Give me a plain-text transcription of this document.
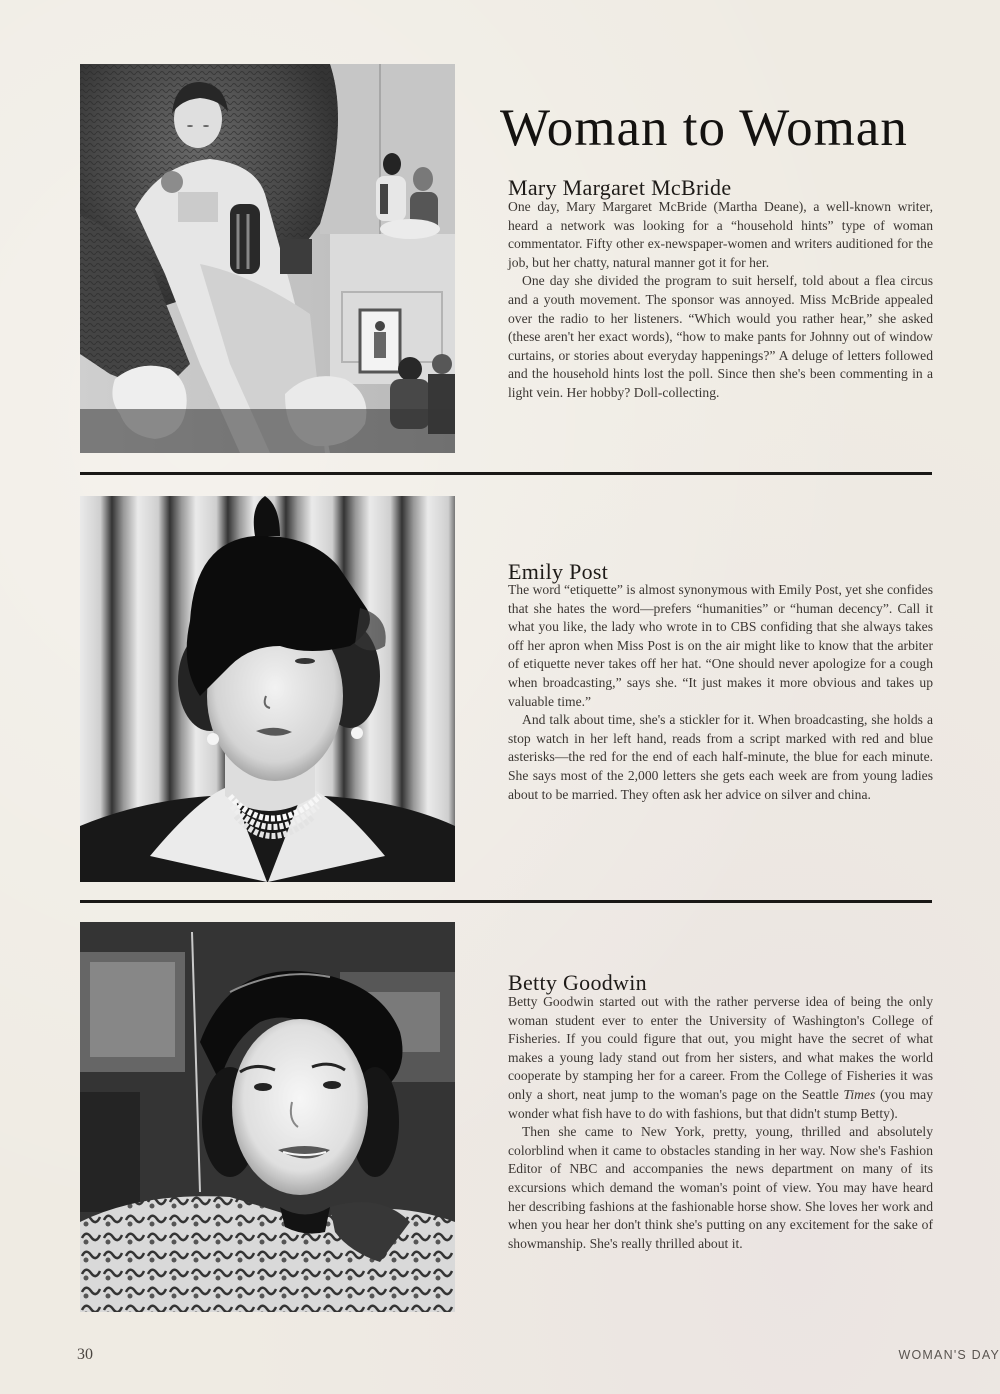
Woman to Woman
Mary Margaret McBride

One day, Mary Margaret McBride (Martha Deane), a well-known writer, heard a network was looking for a “household hints” type of woman commentator. Fifty other ex-newspaper-women and writers auditioned for the job, but her chatty, natural manner got it for her.

One day she divided the program to suit herself, told about a flea circus and a youth movement. The sponsor was annoyed. Miss McBride appealed over the radio to her listeners. “Which would you rather hear,” she asked (these aren't her exact words), “how to make pants for Johnny out of window curtains, or stories about everyday happenings?” A deluge of letters followed and the household hints lost the poll. Since then she's been commenting in a light vein. Her hobby? Doll-collecting.

Emily Post

The word “etiquette” is almost synonymous with Emily Post, yet she confides that she hates the word—prefers “humanities” or “human decency”. Call it what you like, the lady who wrote in to CBS confiding that she always takes off her apron when Miss Post is on the air might like to know that the arbiter of etiquette never takes off her hat. “One should never apologize for a cough when broadcasting,” says she. “It just makes it more obvious and takes up valuable time.”

And talk about time, she's a stickler for it. When broadcasting, she holds a stop watch in her left hand, reads from a script marked with red and blue asterisks—the red for the end of each half-minute, the blue for each minute. She says most of the 2,000 letters she gets each week are from young ladies about to be married. They often ask her advice on silver and china.

Betty Goodwin

Betty Goodwin started out with the rather perverse idea of being the only woman student ever to enter the University of Washington's College of Fisheries. If you could figure that out, you might have the secret of what makes a young lady stand out from her sisters, and what makes the world cooperate by stamping her for a career. From the College of Fisheries it was only a short, neat jump to the woman's page on the Seattle Times (you may wonder what fish have to do with fashions, but that didn't stump Betty).

Then she came to New York, pretty, young, thrilled and absolutely colorblind when it came to obstacles standing in her way. Now she's Fashion Editor of NBC and accompanies the news department on many of its excursions which demand the woman's point of view. You may have heard her describing fashions at the fashionable horse show. She loves her work and when you hear her don't think she's putting on any excitement for the sake of showmanship. She's really thrilled about it.

30	WOMAN'S DAY
